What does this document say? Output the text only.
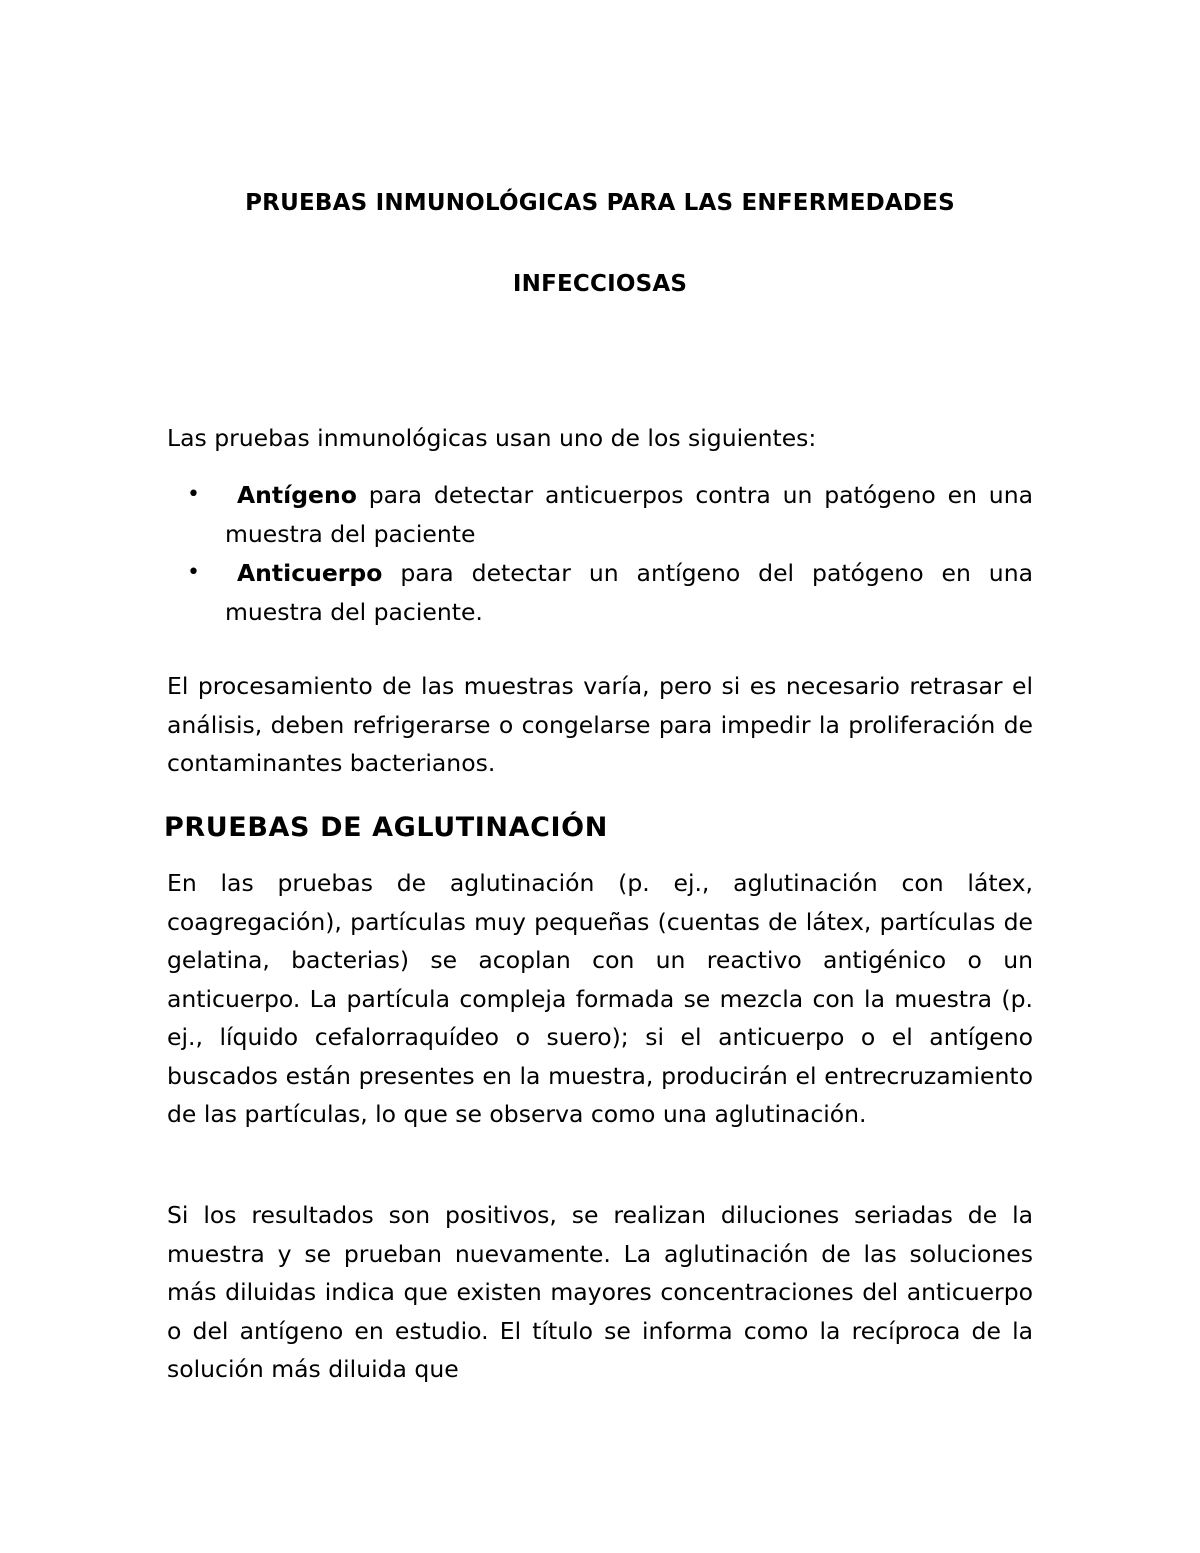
PRUEBAS INMUNOLÓGICAS PARA LAS ENFERMEDADES
INFECCIOSAS

Las pruebas inmunológicas usan uno de los siguientes:

• Antígeno para detectar anticuerpos contra un patógeno en una muestra del paciente
• Anticuerpo para detectar un antígeno del patógeno en una muestra del paciente.

El procesamiento de las muestras varía, pero si es necesario retrasar el análisis, deben refrigerarse o congelarse para impedir la proliferación de contaminantes bacterianos.

PRUEBAS DE AGLUTINACIÓN

En las pruebas de aglutinación (p. ej., aglutinación con látex, coagregación), partículas muy pequeñas (cuentas de látex, partículas de gelatina, bacterias) se acoplan con un reactivo antigénico o un anticuerpo. La partícula compleja formada se mezcla con la muestra (p. ej., líquido cefalorraquídeo o suero); si el anticuerpo o el antígeno buscados están presentes en la muestra, producirán el entrecruzamiento de las partículas, lo que se observa como una aglutinación.

Si los resultados son positivos, se realizan diluciones seriadas de la muestra y se prueban nuevamente. La aglutinación de las soluciones más diluidas indica que existen mayores concentraciones del anticuerpo o del antígeno en estudio. El título se informa como la recíproca de la solución más diluida que
